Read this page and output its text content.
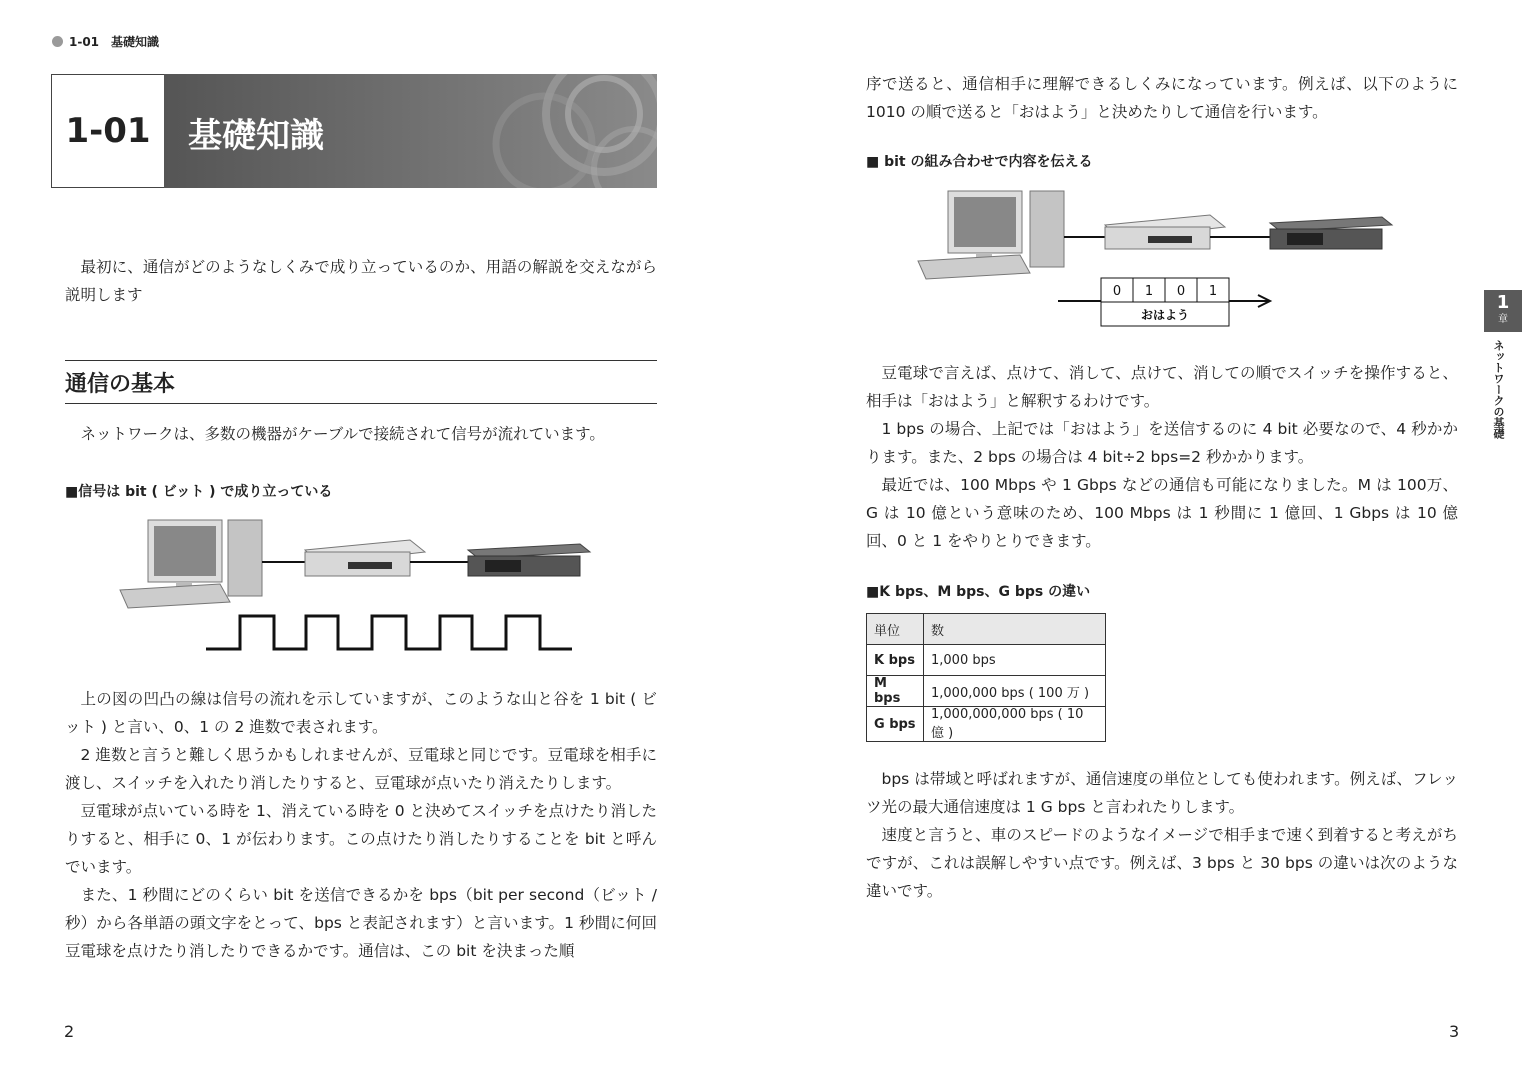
1-01　基礎知識
1-01	基礎知識

最初に、通信がどのようなしくみで成り立っているのか、用語の解説を交えながら説明します

通信の基本

ネットワークは、多数の機器がケーブルで接続されて信号が流れています。

■信号は bit ( ビット ) で成り立っている

上の図の凹凸の線は信号の流れを示していますが、このような山と谷を 1 bit ( ビット ) と言い、0、1 の 2 進数で表されます。

2 進数と言うと難しく思うかもしれませんが、豆電球と同じです。豆電球を相手に渡し、スイッチを入れたり消したりすると、豆電球が点いたり消えたりします。

豆電球が点いている時を 1、消えている時を 0 と決めてスイッチを点けたり消したりすると、相手に 0、1 が伝わります。この点けたり消したりすることを bit と呼んでいます。

また、1 秒間にどのくらい bit を送信できるかを bps（bit per second（ビット / 秒）から各単語の頭文字をとって、bps と表記されます）と言います。1 秒間に何回豆電球を点けたり消したりできるかです。通信は、この bit を決まった順

2

序で送ると、通信相手に理解できるしくみになっています。例えば、以下のように 1010 の順で送ると「おはよう」と決めたりして通信を行います。

■ bit の組み合わせで内容を伝える
0 1 0 1
おはよう

豆電球で言えば、点けて、消して、点けて、消しての順でスイッチを操作すると、相手は「おはよう」と解釈するわけです。

1 bps の場合、上記では「おはよう」を送信するのに 4 bit 必要なので、4 秒かかります。また、2 bps の場合は 4 bit÷2 bps=2 秒かかります。

最近では、100 Mbps や 1 Gbps などの通信も可能になりました。M は 100万、G は 10 億という意味のため、100 Mbps は 1 秒間に 1 億回、1 Gbps は 10 億回、0 と 1 をやりとりできます。

■K bps、M bps、G bps の違い
単位	数
K bps	1,000 bps
M bps	1,000,000 bps ( 100 万 )
G bps	1,000,000,000 bps ( 10 億 )

bps は帯域と呼ばれますが、通信速度の単位としても使われます。例えば、フレッツ光の最大通信速度は 1 G bps と言われたりします。

速度と言うと、車のスピードのようなイメージで相手まで速く到着すると考えがちですが、これは誤解しやすい点です。例えば、3 bps と 30 bps の違いは次のような違いです。

3
1
章
ネットワークの基礎
